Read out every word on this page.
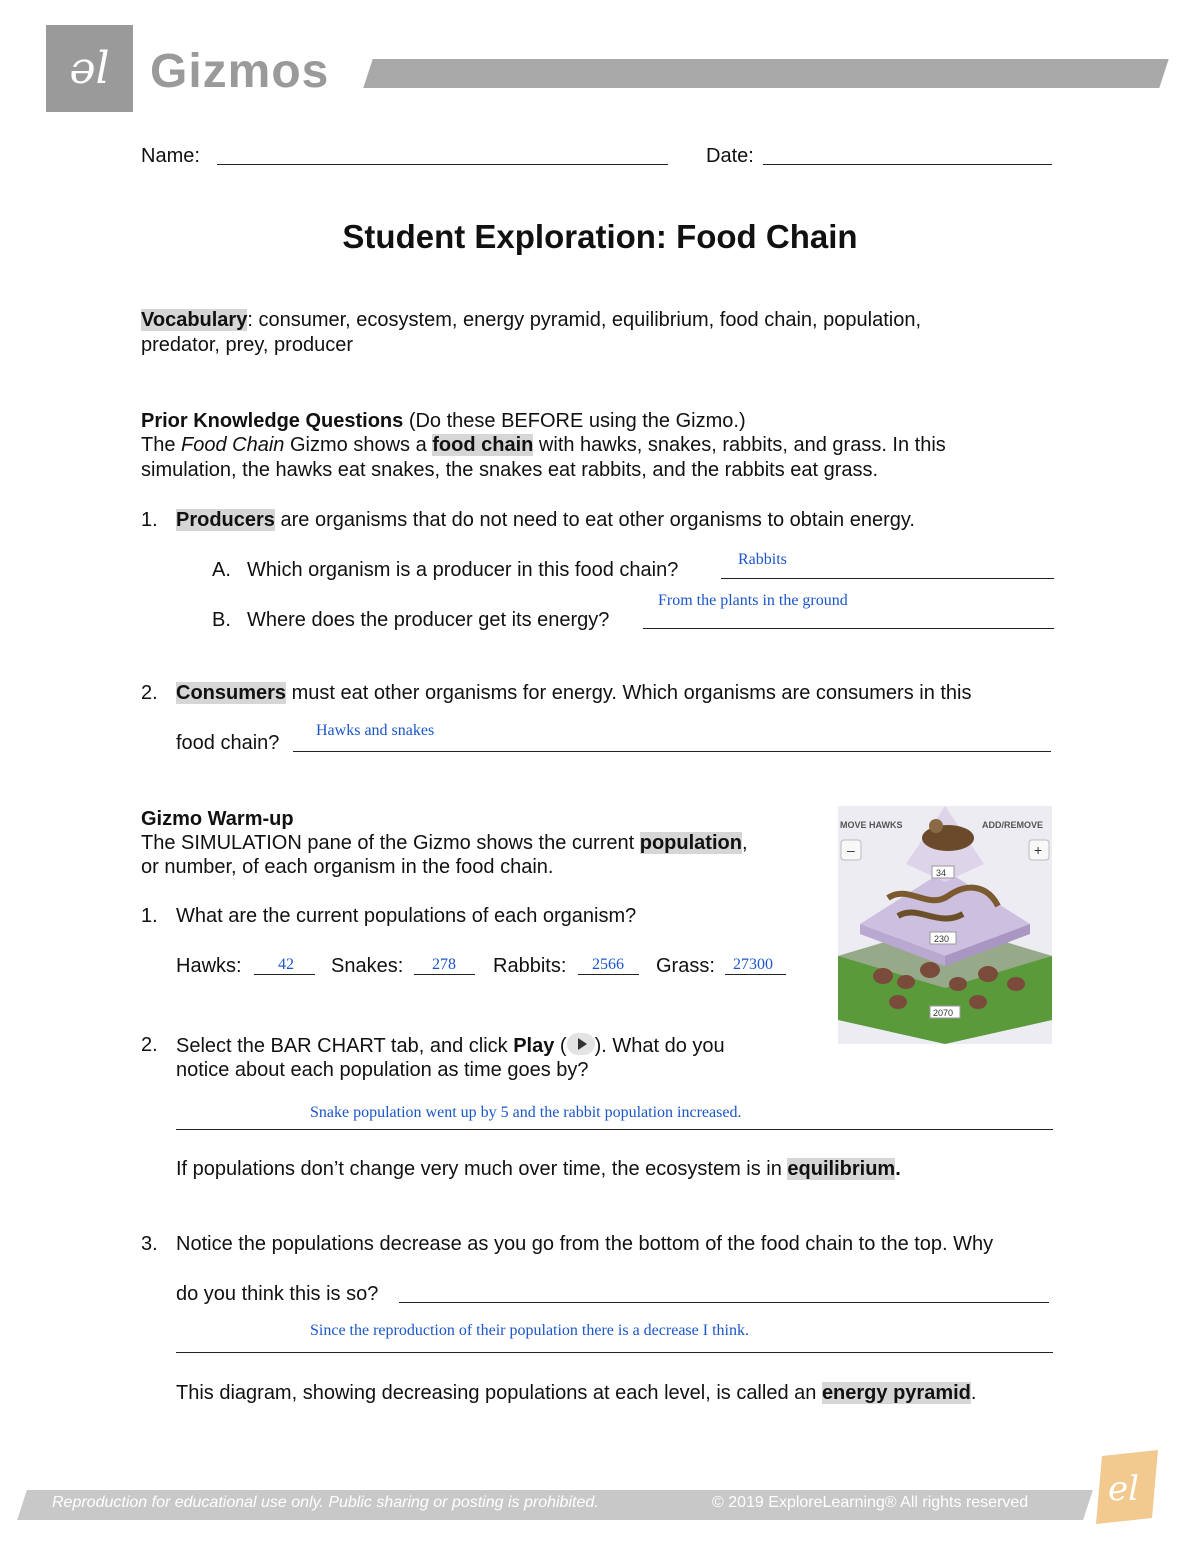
əl Gizmos
Name:	Date:
Student Exploration: Food Chain
Vocabulary: consumer, ecosystem, energy pyramid, equilibrium, food chain, population,
predator, prey, producer
Prior Knowledge Questions (Do these BEFORE using the Gizmo.)
The Food Chain Gizmo shows a food chain with hawks, snakes, rabbits, and grass. In this
simulation, the hawks eat snakes, the snakes eat rabbits, and the rabbits eat grass.
1. Producers are organisms that do not need to eat other organisms to obtain energy.
A. Which organism is a producer in this food chain?	Rabbits
B. Where does the producer get its energy?
From the plants in the ground
2. Consumers must eat other organisms for energy. Which organisms are consumers in this
food chain?
Hawks and snakes
Gizmo Warm-up
The SIMULATION pane of the Gizmo shows the current population,
or number, of each organism in the food chain.
1. What are the current populations of each organism?
Hawks: 42 Snakes: 278 Rabbits: 2566 Grass: 27300
2. Select the BAR CHART tab, and click Play ( ). What do you
notice about each population as time goes by?
Snake population went up by 5 and the rabbit population increased.
If populations don’t change very much over time, the ecosystem is in equilibrium.
3. Notice the populations decrease as you go from the bottom of the food chain to the top. Why
do you think this is so?
Since the reproduction of their population there is a decrease I think.
This diagram, showing decreasing populations at each level, is called an energy pyramid.
MOVE HAWKS	ADD/REMOVE
–	+
34
230
2070
Reproduction for educational use only. Public sharing or posting is prohibited.	© 2019 ExploreLearning® All rights reserved el
